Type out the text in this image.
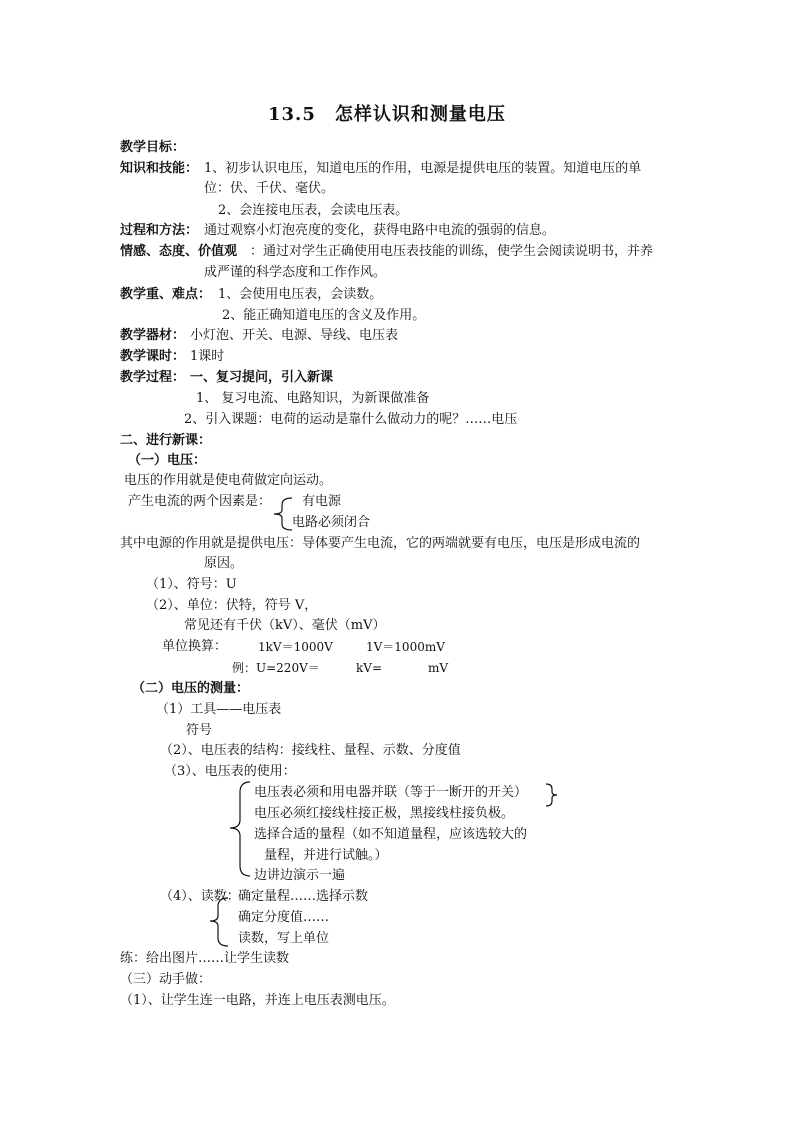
13.5　怎样认识和测量电压
教学目标：
知识和技能： 1、初步认识电压，知道电压的作用，电源是提供电压的装置。知道电压的单
位：伏、千伏、毫伏。
2、会连接电压表，会读电压表。
过程和方法： 通过观察小灯泡亮度的变化，获得电路中电流的强弱的信息。
情感、态度、价值观 ：通过对学生正确使用电压表技能的训练，使学生会阅读说明书，并养
成严谨的科学态度和工作作风。
教学重、难点： 1、会使用电压表，会读数。
2、能正确知道电压的含义及作用。
教学器材： 小灯泡、开关、电源、导线、电压表
教学课时： 1课时
教学过程： 一、复习提问，引入新课
1、 复习电流、电路知识，为新课做准备
2、引入课题：电荷的运动是靠什么做动力的呢？……电压
二、进行新课：
（一）电压：
电压的作用就是使电荷做定向运动。
产生电流的两个因素是： 有电源
电路必须闭合
其中电源的作用就是提供电压：导体要产生电流，它的两端就要有电压，电压是形成电流的
原因。
（1）、符号：U
（2）、单位：伏特，符号 V，
常见还有千伏（kV）、毫伏（mV）
单位换算：	1kV＝1000V	1V＝1000mV
例：U=220V＝	kV=	mV
（二）电压的测量：
（1）工具——电压表
符号
（2）、电压表的结构：接线柱、量程、示数、分度值
（3）、电压表的使用：
电压表必须和用电器并联（等于一断开的开关）
电压必须红接线柱接正极，黑接线柱接负极。
选择合适的量程（如不知道量程，应该选较大的
量程，并进行试触。）
边讲边演示一遍
（4）、读数：
确定量程……选择示数
确定分度值……
读数，写上单位
练：给出图片……让学生读数
（三）动手做：
（1）、让学生连一电路，并连上电压表测电压。
